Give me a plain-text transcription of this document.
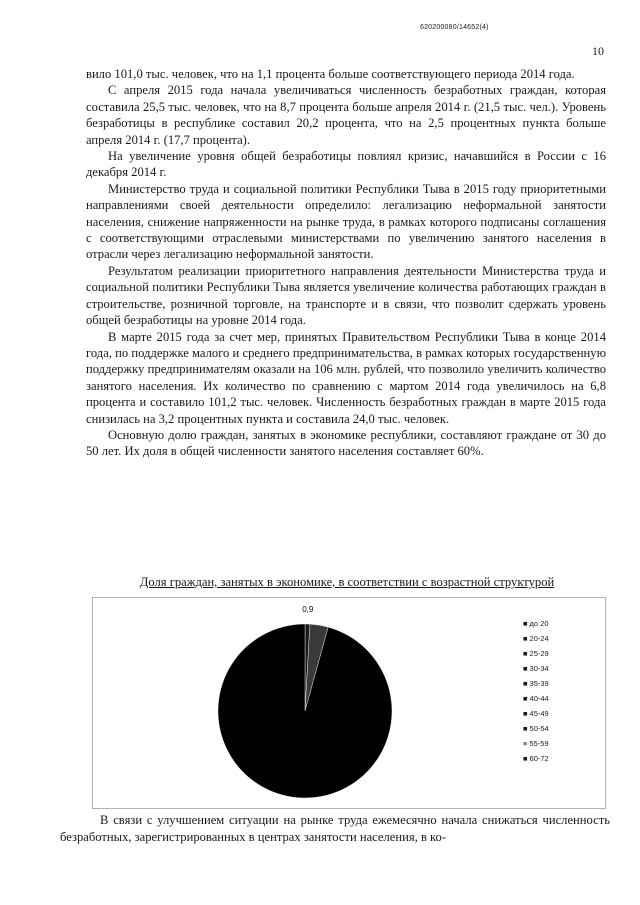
620200080/14652(4)
10

вило 101,0 тыс. человек, что на 1,1 процента больше соответствующего периода 2014 года.

С апреля 2015 года начала увеличиваться численность безработных граждан, которая составила 25,5 тыс. человек, что на 8,7 процента больше апреля 2014 г. (21,5 тыс. чел.). Уровень безработицы в республике составил 20,2 процента, что на 2,5 процентных пункта больше апреля 2014 г. (17,7 процента).

На увеличение уровня общей безработицы повлиял кризис, начавшийся в России с 16 декабря 2014 г.

Министерство труда и социальной политики Республики Тыва в 2015 году приоритетными направлениями своей деятельности определило: легализацию неформальной занятости населения, снижение напряженности на рынке труда, в рамках которого подписаны соглашения с соответствующими отраслевыми министерствами по увеличению занятого населения в отрасли через легализацию неформальной занятости.

Результатом реализации приоритетного направления деятельности Министерства труда и социальной политики Республики Тыва является увеличение количества работающих граждан в строительстве, розничной торговле, на транспорте и в связи, что позволит сдержать уровень общей безработицы на уровне 2014 года.

В марте 2015 года за счет мер, принятых Правительством Республики Тыва в конце 2014 года, по поддержке малого и среднего предпринимательства, в рамках которых государственную поддержку предпринимателям оказали на 106 млн. рублей, что позволило увеличить количество занятого населения. Их количество по сравнению с мартом 2014 года увеличилось на 6,8 процента и составило 101,2 тыс. человек. Численность безработных граждан в марте 2015 года снизилась на 3,2 процентных пункта и составила 24,0 тыс. человек.

Основную долю граждан, занятых в экономике республики, составляют граждане от 30 до 50 лет. Их доля в общей численности занятого населения составляет 60%.

Доля граждан, занятых в экономике, в соответствии с возрастной структурой
0,9
■ до 20
■ 20-24
■ 25-29
■ 30-34
■ 35-39
■ 40-44
■ 45-49
■ 50-54
≡ 55-59
■ 60-72

В связи с улучшением ситуации на рынке труда ежемесячно начала снижаться численность безработных, зарегистрированных в центрах занятости населения, в ко-
